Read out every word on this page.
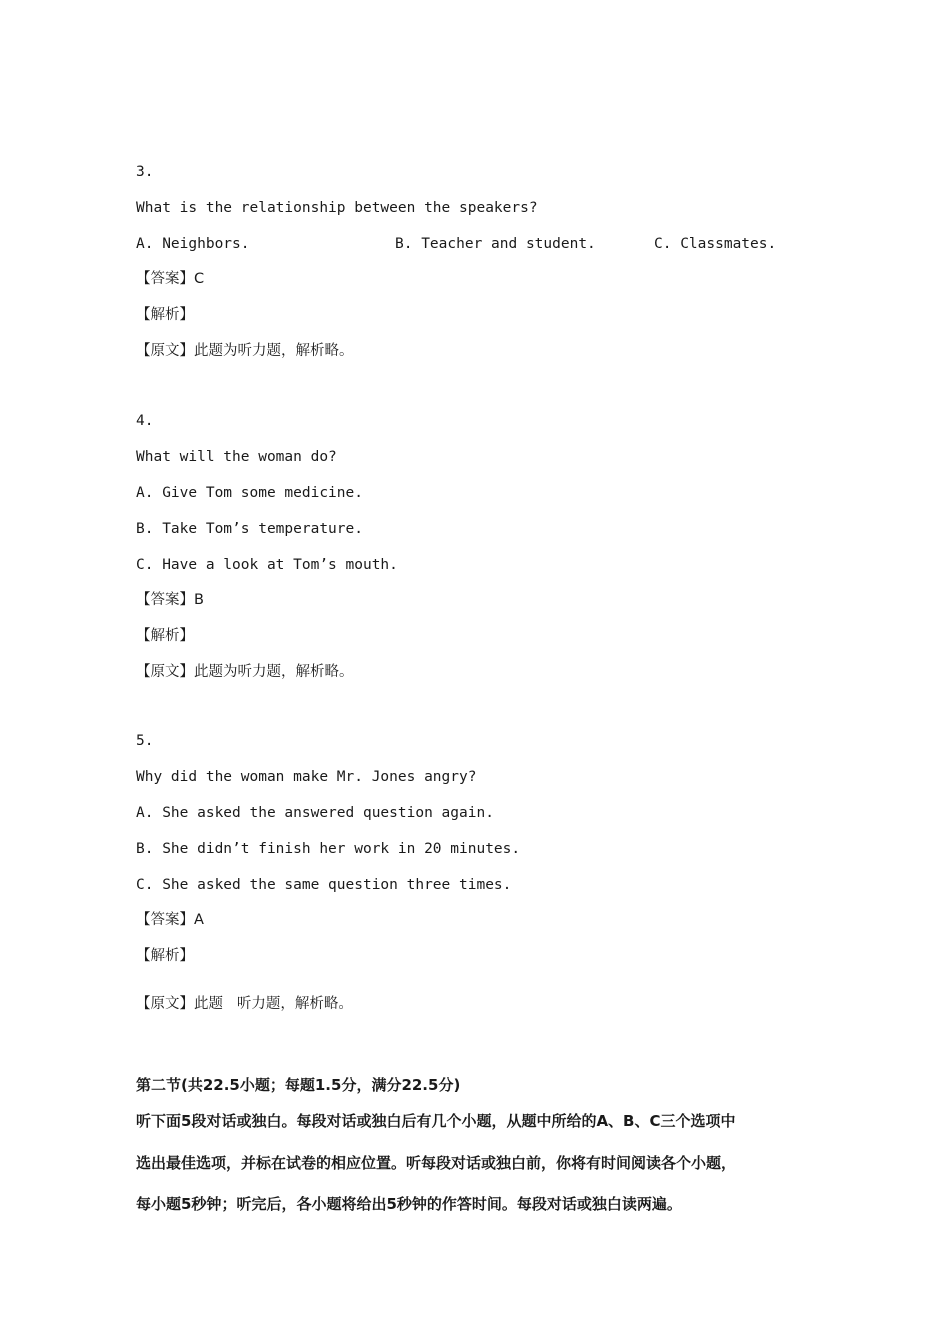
3.
What is the relationship between the speakers?
A. Neighbors.	B. Teacher and student.	C. Classmates.
【答案】C
【解析】
【原文】此题为听力题，解析略。
4.
What will the woman do?
A. Give Tom some medicine.
B. Take Tom’s temperature.
C. Have a look at Tom’s mouth.
【答案】B
【解析】
【原文】此题为听力题，解析略。
5.
Why did the woman make Mr. Jones angry?
A. She asked the answered question again.
B. She didn’t finish her work in 20 minutes.
C. She asked the same question three times.
【答案】A
【解析】
【原文】此题   听力题，解析略。
第二节(共22.5小题；每题1.5分，满分22.5分)
听下面5段对话或独白。每段对话或独白后有几个小题，从题中所给的A、B、C三个选项中
选出最佳选项，并标在试卷的相应位置。听每段对话或独白前，你将有时间阅读各个小题，
每小题5秒钟；听完后，各小题将给出5秒钟的作答时间。每段对话或独白读两遍。
